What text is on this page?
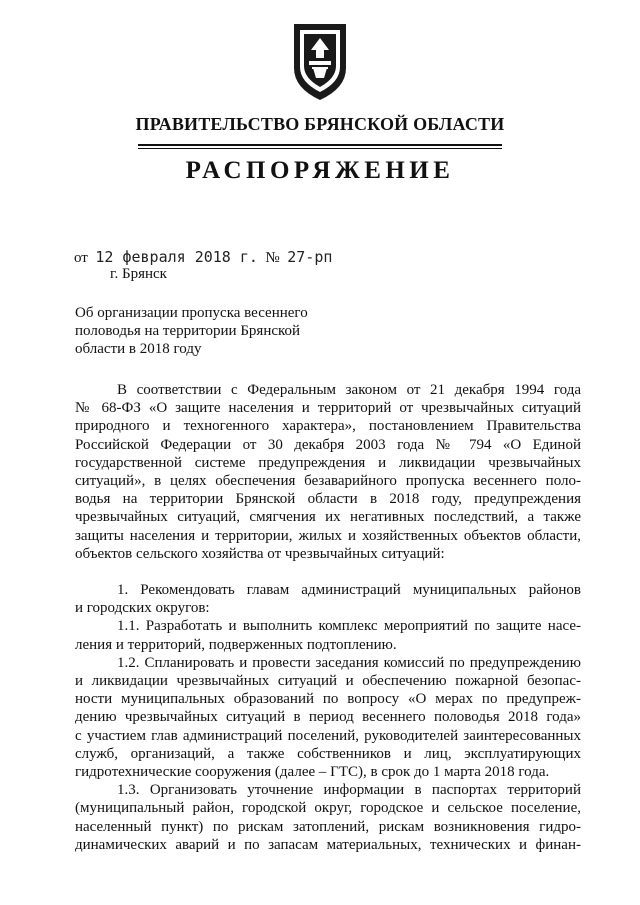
ПРАВИТЕЛЬСТВО БРЯНСКОЙ ОБЛАСТИ
РАСПОРЯЖЕНИЕ
от 12 февраля 2018 г. № 27-рп
г. Брянск
Об организации пропуска весеннего
половодья на территории Брянской
области в 2018 году
В соответствии с Федеральным законом от 21 декабря 1994 года
№ 68-ФЗ «О защите населения и территорий от чрезвычайных ситуаций
природного и техногенного характера», постановлением Правительства
Российской Федерации от 30 декабря 2003 года № 794 «О Единой
государственной системе предупреждения и ликвидации чрезвычайных
ситуаций», в целях обеспечения безаварийного пропуска весеннего поло-
водья на территории Брянской области в 2018 году, предупреждения
чрезвычайных ситуаций, смягчения их негативных последствий, а также
защиты населения и территории, жилых и хозяйственных объектов области,
объектов сельского хозяйства от чрезвычайных ситуаций:
1. Рекомендовать главам администраций муниципальных районов
и городских округов:
1.1. Разработать и выполнить комплекс мероприятий по защите насе-
ления и территорий, подверженных подтоплению.
1.2. Спланировать и провести заседания комиссий по предупреждению
и ликвидации чрезвычайных ситуаций и обеспечению пожарной безопас-
ности муниципальных образований по вопросу «О мерах по предупреж-
дению чрезвычайных ситуаций в период весеннего половодья 2018 года»
с участием глав администраций поселений, руководителей заинтересованных
служб, организаций, а также собственников и лиц, эксплуатирующих
гидротехнические сооружения (далее – ГТС), в срок до 1 марта 2018 года.
1.3. Организовать уточнение информации в паспортах территорий
(муниципальный район, городской округ, городское и сельское поселение,
населенный пункт) по рискам затоплений, рискам возникновения гидро-
динамических аварий и по запасам материальных, технических и финан-
